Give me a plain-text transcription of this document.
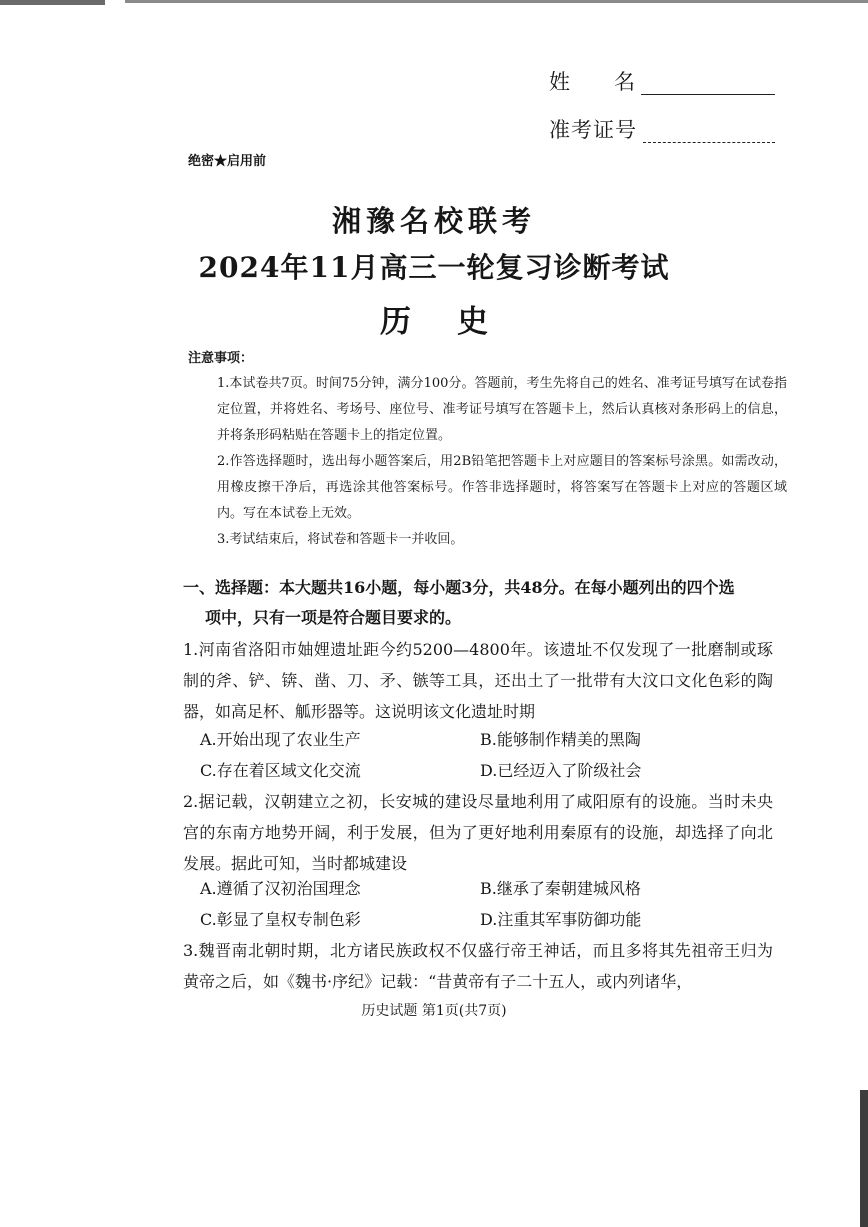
姓名
准考证号
绝密★启用前
湘豫名校联考
2024年11月高三一轮复习诊断考试
历史
注意事项：

1.本试卷共7页。时间75分钟，满分100分。答题前，考生先将自己的姓名、准考证号填写在试卷指定位置，并将姓名、考场号、座位号、准考证号填写在答题卡上，然后认真核对条形码上的信息，并将条形码粘贴在答题卡上的指定位置。

2.作答选择题时，选出每小题答案后，用2B铅笔把答题卡上对应题目的答案标号涂黑。如需改动，用橡皮擦干净后，再选涂其他答案标号。作答非选择题时，将答案写在答题卡上对应的答题区域内。写在本试卷上无效。

3.考试结束后，将试卷和答题卡一并收回。

一、选择题：本大题共16小题，每小题3分，共48分。在每小题列出的四个选
项中，只有一项是符合题目要求的。

1.河南省洛阳市妯娌遗址距今约5200—4800年。该遗址不仅发现了一批磨制或琢制的斧、铲、锛、凿、刀、矛、镞等工具，还出土了一批带有大汶口文化色彩的陶器，如高足杯、觚形器等。这说明该文化遗址时期

A.开始出现了农业生产	B.能够制作精美的黑陶
C.存在着区域文化交流	D.已经迈入了阶级社会

2.据记载，汉朝建立之初，长安城的建设尽量地利用了咸阳原有的设施。当时未央宫的东南方地势开阔，利于发展，但为了更好地利用秦原有的设施，却选择了向北发展。据此可知，当时都城建设

A.遵循了汉初治国理念	B.继承了秦朝建城风格
C.彰显了皇权专制色彩	D.注重其军事防御功能

3.魏晋南北朝时期，北方诸民族政权不仅盛行帝王神话，而且多将其先祖帝王归为黄帝之后，如《魏书·序纪》记载：“昔黄帝有子二十五人，或内列诸华，

历史试题 第1页(共7页)
